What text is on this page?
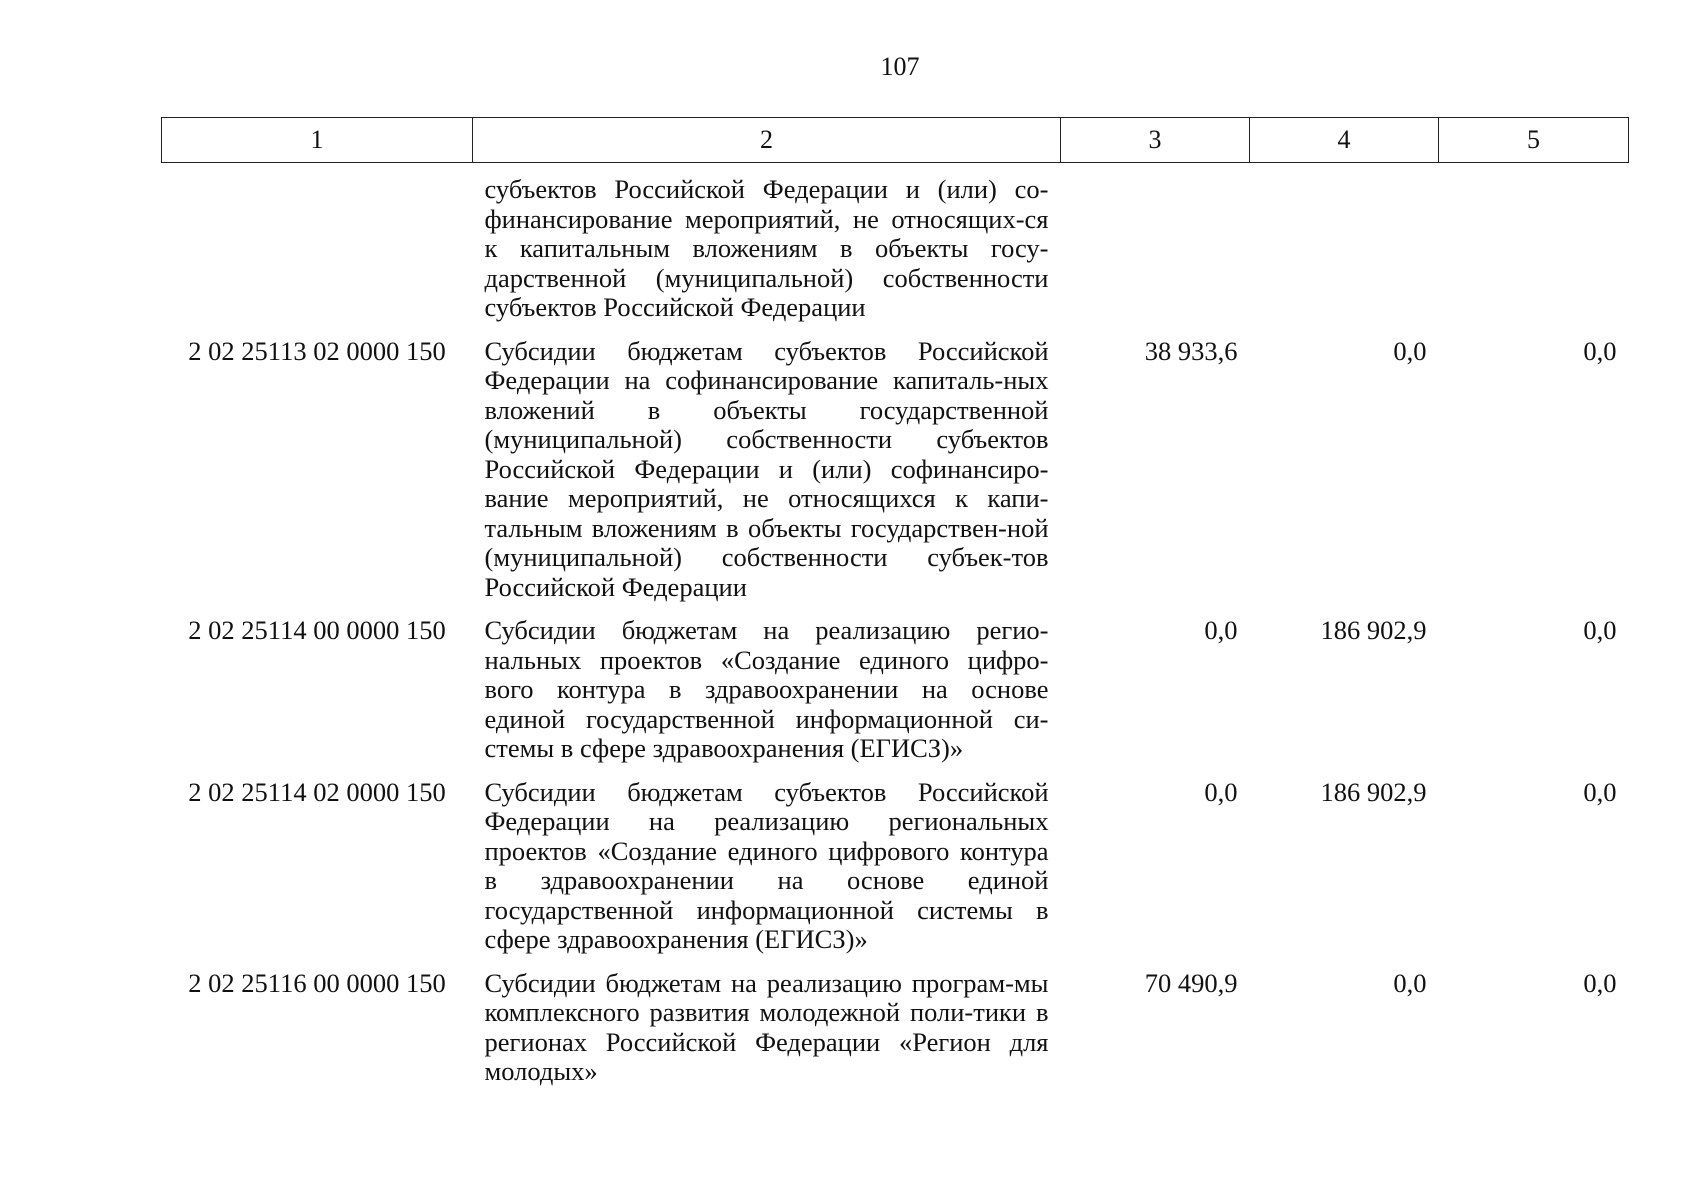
107
1	2	3	4	5
	субъектов Российской Федерации и (или) со-финансирование мероприятий, не относящих-ся к капитальным вложениям в объекты госу-дарственной (муниципальной) собственности субъектов Российской Федерации			
2 02 25113 02 0000 150	Субсидии бюджетам субъектов Российской Федерации на софинансирование капиталь-ных вложений в объекты государственной (муниципальной) собственности субъектов Российской Федерации и (или) софинансиро-вание мероприятий, не относящихся к капи-тальным вложениям в объекты государствен-ной (муниципальной) собственности субъек-тов Российской Федерации	38 933,6	0,0	0,0
2 02 25114 00 0000 150	Субсидии бюджетам на реализацию регио-нальных проектов «Создание единого цифро-вого контура в здравоохранении на основе единой государственной информационной си-стемы в сфере здравоохранения (ЕГИСЗ)»	0,0	186 902,9	0,0
2 02 25114 02 0000 150	Субсидии бюджетам субъектов Российской Федерации на реализацию региональных проектов «Создание единого цифрового контура в здравоохранении на основе единой государственной информационной системы в сфере здравоохранения (ЕГИСЗ)»	0,0	186 902,9	0,0
2 02 25116 00 0000 150	Субсидии бюджетам на реализацию програм-мы комплексного развития молодежной поли-тики в регионах Российской Федерации «Регион для молодых»	70 490,9	0,0	0,0
